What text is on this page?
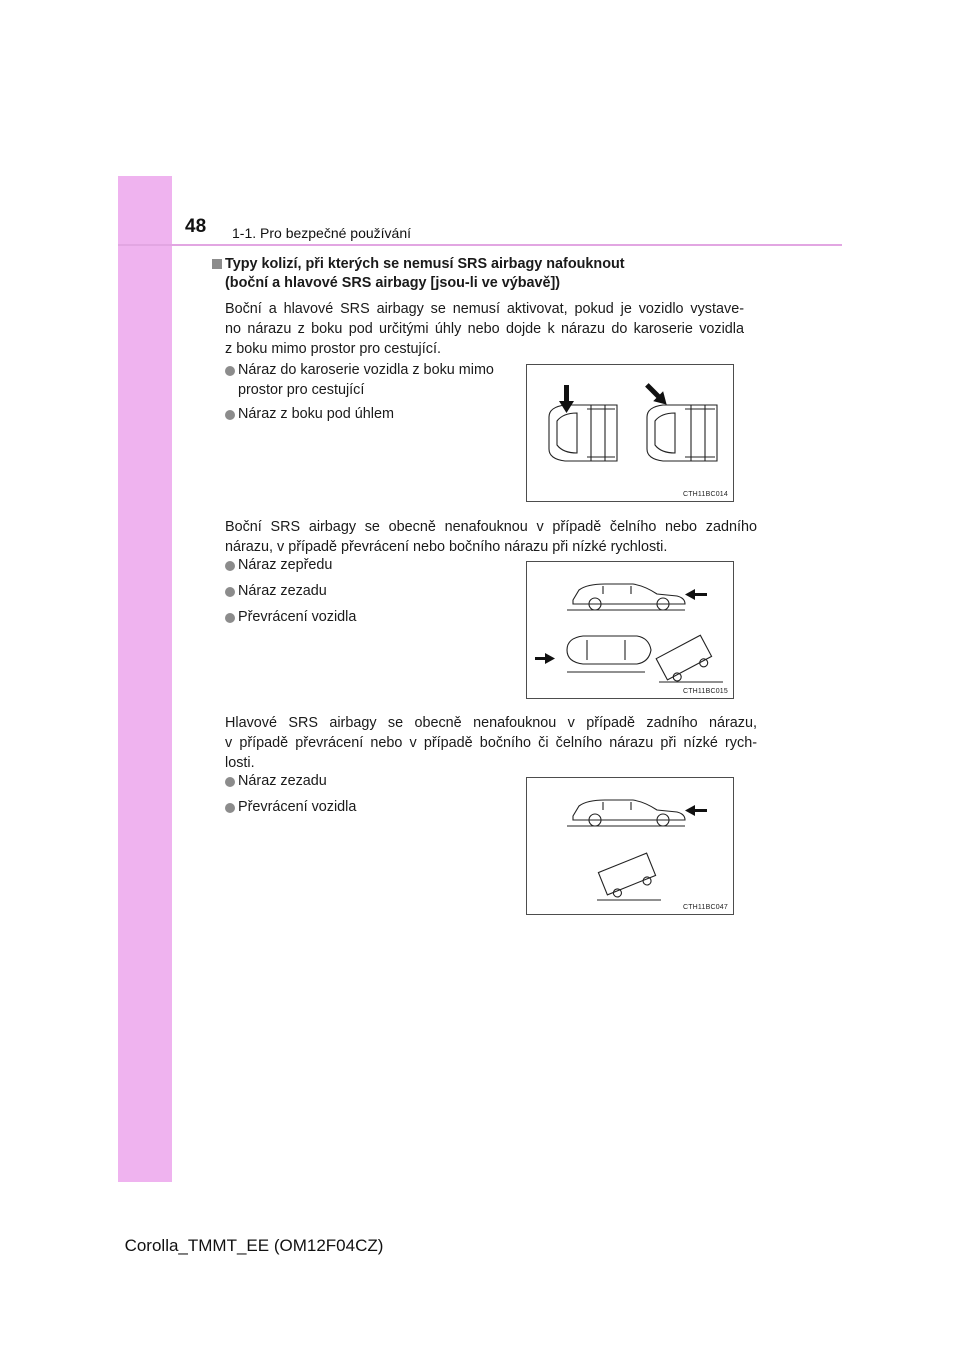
48 1-1. Pro bezpečné používání
Typy kolizí, při kterých se nemusí SRS airbagy nafouknout
(boční a hlavové SRS airbagy [jsou-li ve výbavě])
Boční a hlavové SRS airbagy se nemusí aktivovat, pokud je vozidlo vystave-
no nárazu z boku pod určitými úhly nebo dojde k nárazu do karoserie vozidla
z boku mimo prostor pro cestující.
Náraz do karoserie vozidla z boku mimo prostor pro cestující
Náraz z boku pod úhlem
CTH11BC014
Boční SRS airbagy se obecně nenafouknou v případě čelního nebo zadního
nárazu, v případě převrácení nebo bočního nárazu při nízké rychlosti.
Náraz zepředu
Náraz zezadu
Převrácení vozidla
CTH11BC015
Hlavové SRS airbagy se obecně nenafouknou v případě zadního nárazu,
v případě převrácení nebo v případě bočního či čelního nárazu při nízké rych-
losti.
Náraz zezadu
Převrácení vozidla
CTH11BC047
Corolla_TMMT_EE (OM12F04CZ)
